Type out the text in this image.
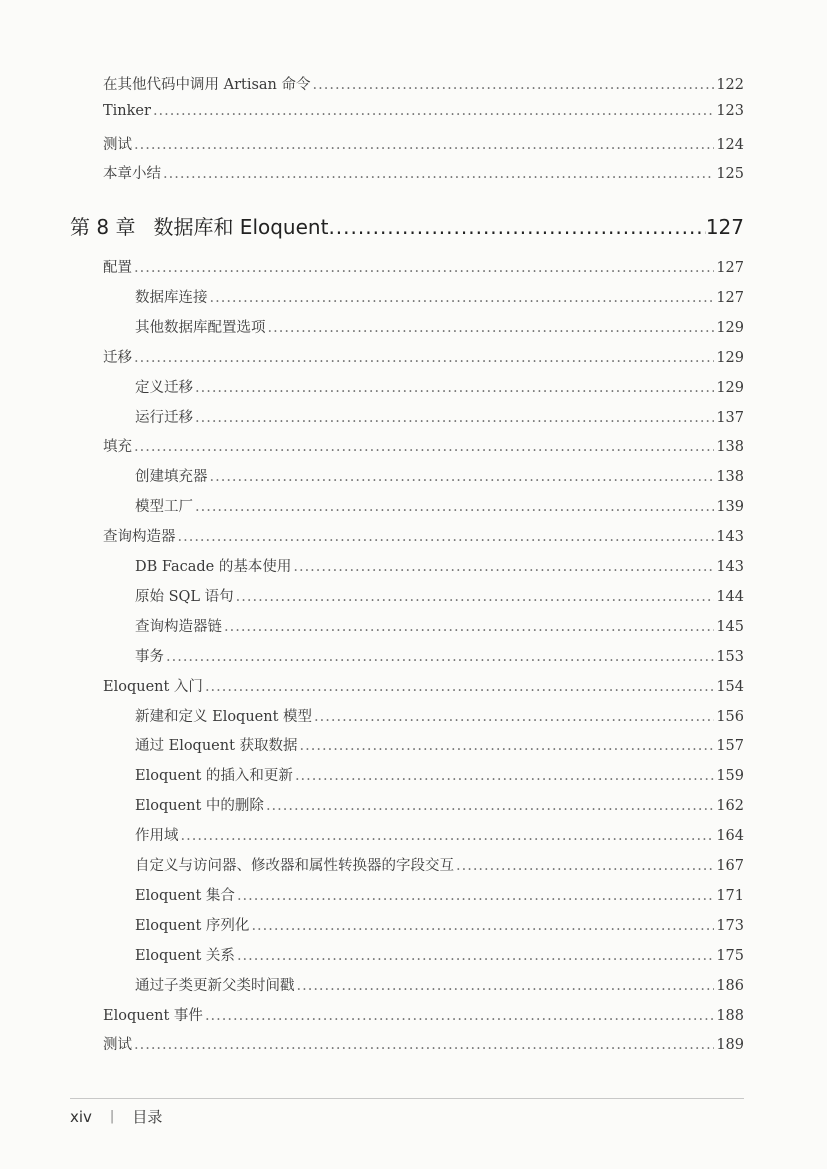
在其他代码中调用 Artisan 命令 .....	122
Tinker .....	123
测试 .....	124
本章小结 .....	125
第 8 章 数据库和 Eloquent .....	127
配置 .....	127
数据库连接 .....	127
其他数据库配置选项 .....	129
迁移 .....	129
定义迁移 .....	129
运行迁移 .....	137
填充 .....	138
创建填充器 .....	138
模型工厂 .....	139
查询构造器 .....	143
DB Facade 的基本使用 .....	143
原始 SQL 语句 .....	144
查询构造器链 .....	145
事务 .....	153
Eloquent 入门 .....	154
新建和定义 Eloquent 模型 .....	156
通过 Eloquent 获取数据 .....	157
Eloquent 的插入和更新 .....	159
Eloquent 中的删除 .....	162
作用域 .....	164
自定义与访问器、修改器和属性转换器的字段交互 .....	167
Eloquent 集合 .....	171
Eloquent 序列化 .....	173
Eloquent 关系 .....	175
通过子类更新父类时间戳 .....	186
Eloquent 事件 .....	188
测试 .....	189
xiv | 目录
